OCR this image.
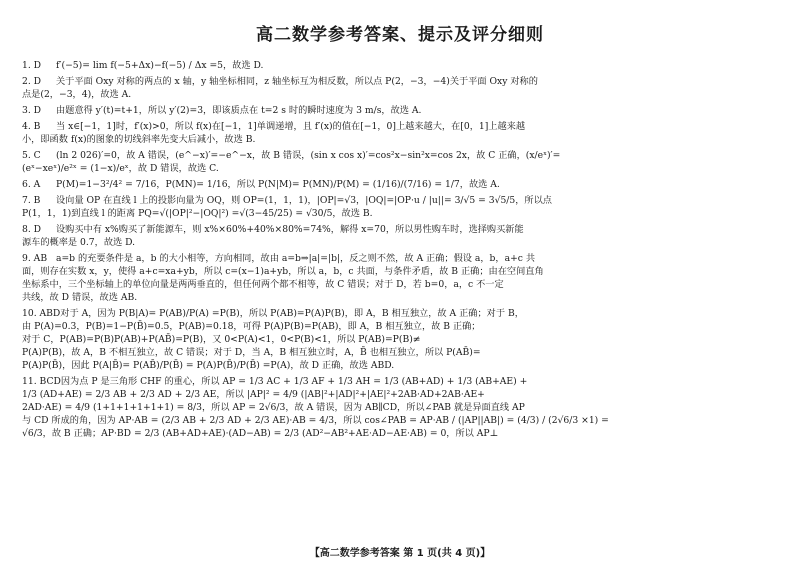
高二数学参考答案、提示及评分细则
1. D f′(−5)= lim f(−5+Δx)−f(−5) / Δx =5，故选 D.
2. D 关于平面 Oxy 对称的两点的 x 轴，y 轴坐标相同，z 轴坐标互为相反数，所以点 P(2，−3，−4)关于平面 Oxy 对称的
点是(2，−3，4)，故选 A.
3. D 由题意得 y′(t)=t+1，所以 y′(2)=3，即该质点在 t=2 s 时的瞬时速度为 3 m/s，故选 A.
4. B 当 x∈[−1，1]时，f′(x)>0，所以 f(x)在[−1，1]单调递增，且 f′(x)的值在[−1，0]上越来越大，在[0，1]上越来越
小，即函数 f(x)的图象的切线斜率先变大后减小，故选 B.
5. C (ln 2 026)′=0，故 A 错误，(e^−x)′=−e^−x，故 B 错误，(sin x cos x)′=cos²x−sin²x=cos 2x，故 C 正确，(x/eˣ)′=
(eˣ−xeˣ)/e²ˣ = (1−x)/eˣ，故 D 错误，故选 C.
6. A P(M)=1−3²/4² = 7/16，P(MN)= 1/16，所以 P(N|M)= P(MN)/P(M) = (1/16)/(7/16) = 1/7，故选 A.
7. B 设向量 OP 在直线 l 上的投影向量为 OQ，则 OP=(1，1，1)，|OP|=√3，|OQ|=|OP·u / |u||= 3/√5 = 3√5/5，所以点
P(1，1，1)到直线 l 的距离 PQ=√(|OP|²−|OQ|²) =√(3−45/25) = √30/5，故选 B.
8. D 设购买中有 x%购买了新能源车，则 x%×60%+40%×80%=74%，解得 x=70，所以男性购车时，选择购买新能
源车的概率是 0.7，故选 D.
9. AB a=b 的充要条件是 a，b 的大小相等，方向相同，故由 a=b⇒|a|=|b|，反之则不然，故 A 正确；假设 a，b，a+c 共
面，则存在实数 x，y，使得 a+c=xa+yb，所以 c=(x−1)a+yb，所以 a，b，c 共面，与条件矛盾，故 B 正确；由在空间直角
坐标系中，三个坐标轴上的单位向量是两两垂直的，但任何两个都不相等，故 C 错误；对于 D，若 b=0，a，c 不一定
共线，故 D 错误，故选 AB.
10. ABD对于 A，因为 P(B|A)= P(AB)/P(A) =P(B)，所以 P(AB)=P(A)P(B)，即 A，B 相互独立，故 A 正确；对于 B，
由 P(A)=0.3，P(B)=1−P(B̄)=0.5，P(AB)=0.18，可得 P(A)P(B)=P(AB)，即 A，B 相互独立，故 B 正确；
对于 C，P(AB)=P(B)P(AB)+P(AB̄)=P(B)，又 0<P(A)<1，0<P(B)<1，所以 P(AB)=P(B)≠
P(A)P(B)，故 A，B 不相互独立，故 C 错误；对于 D，当 A，B 相互独立时，A，B̄ 也相互独立，所以 P(AB̄)=
P(A)P(B̄)，因此 P(A|B̄)= P(AB̄)/P(B̄) = P(A)P(B̄)/P(B̄) =P(A)，故 D 正确，故选 ABD.
11. BCD因为点 P 是三角形 CHF 的重心，所以 AP = 1/3 AC + 1/3 AF + 1/3 AH = 1/3 (AB+AD) + 1/3 (AB+AE) +
1/3 (AD+AE) = 2/3 AB + 2/3 AD + 2/3 AE，所以 |AP|² = 4/9 (|AB|²+|AD|²+|AE|²+2AB·AD+2AB·AE+
2AD·AE) = 4/9 (1+1+1+1+1+1) = 8/3，所以 AP = 2√6/3，故 A 错误，因为 AB∥CD，所以∠PAB 就是异面直线 AP
与 CD 所成的角，因为 AP·AB = (2/3 AB + 2/3 AD + 2/3 AE)·AB = 4/3，所以 cos∠PAB = AP·AB / (|AP||AB|) = (4/3) / (2√6/3 ×1) =
√6/3，故 B 正确；AP·BD = 2/3 (AB+AD+AE)·(AD−AB) = 2/3 (AD²−AB²+AE·AD−AE·AB) = 0，所以 AP⊥
【高二数学参考答案 第 1 页(共 4 页)】
